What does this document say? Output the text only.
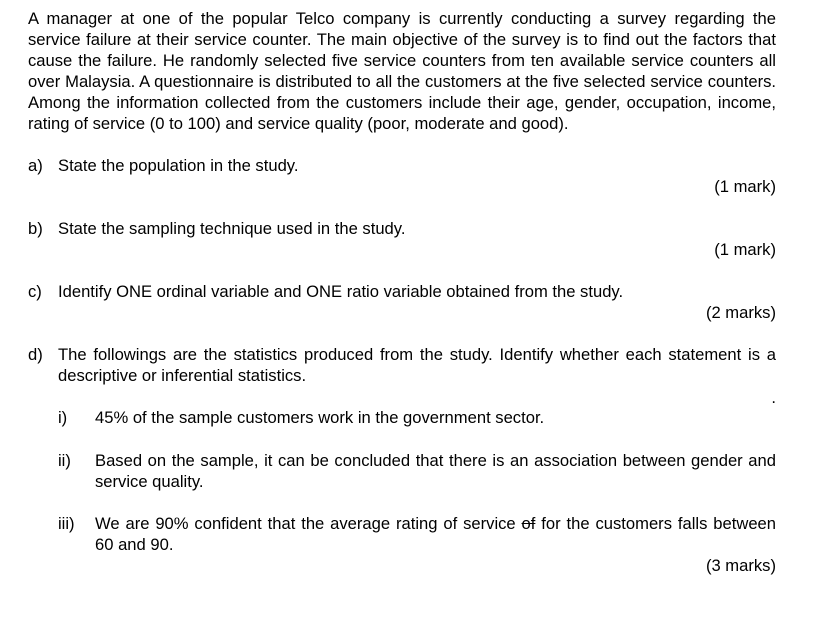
A manager at one of the popular Telco company is currently conducting a survey regarding the service failure at their service counter. The main objective of the survey is to find out the factors that cause the failure. He randomly selected five service counters from ten available service counters all over Malaysia. A questionnaire is distributed to all the customers at the five selected service counters. Among the information collected from the customers include their age, gender, occupation, income, rating of service (0 to 100) and service quality (poor, moderate and good).

a) State the population in the study.
(1 mark)
b) State the sampling technique used in the study.
(1 mark)
c) Identify ONE ordinal variable and ONE ratio variable obtained from the study.
(2 marks)
d) The followings are the statistics produced from the study. Identify whether each statement is a descriptive or inferential statistics.
i) 45% of the sample customers work in the government sector.
.
ii) Based on the sample, it can be concluded that there is an association between gender and service quality.
iii) We are 90% confident that the average rating of service of for the customers falls between 60 and 90.
(3 marks)
